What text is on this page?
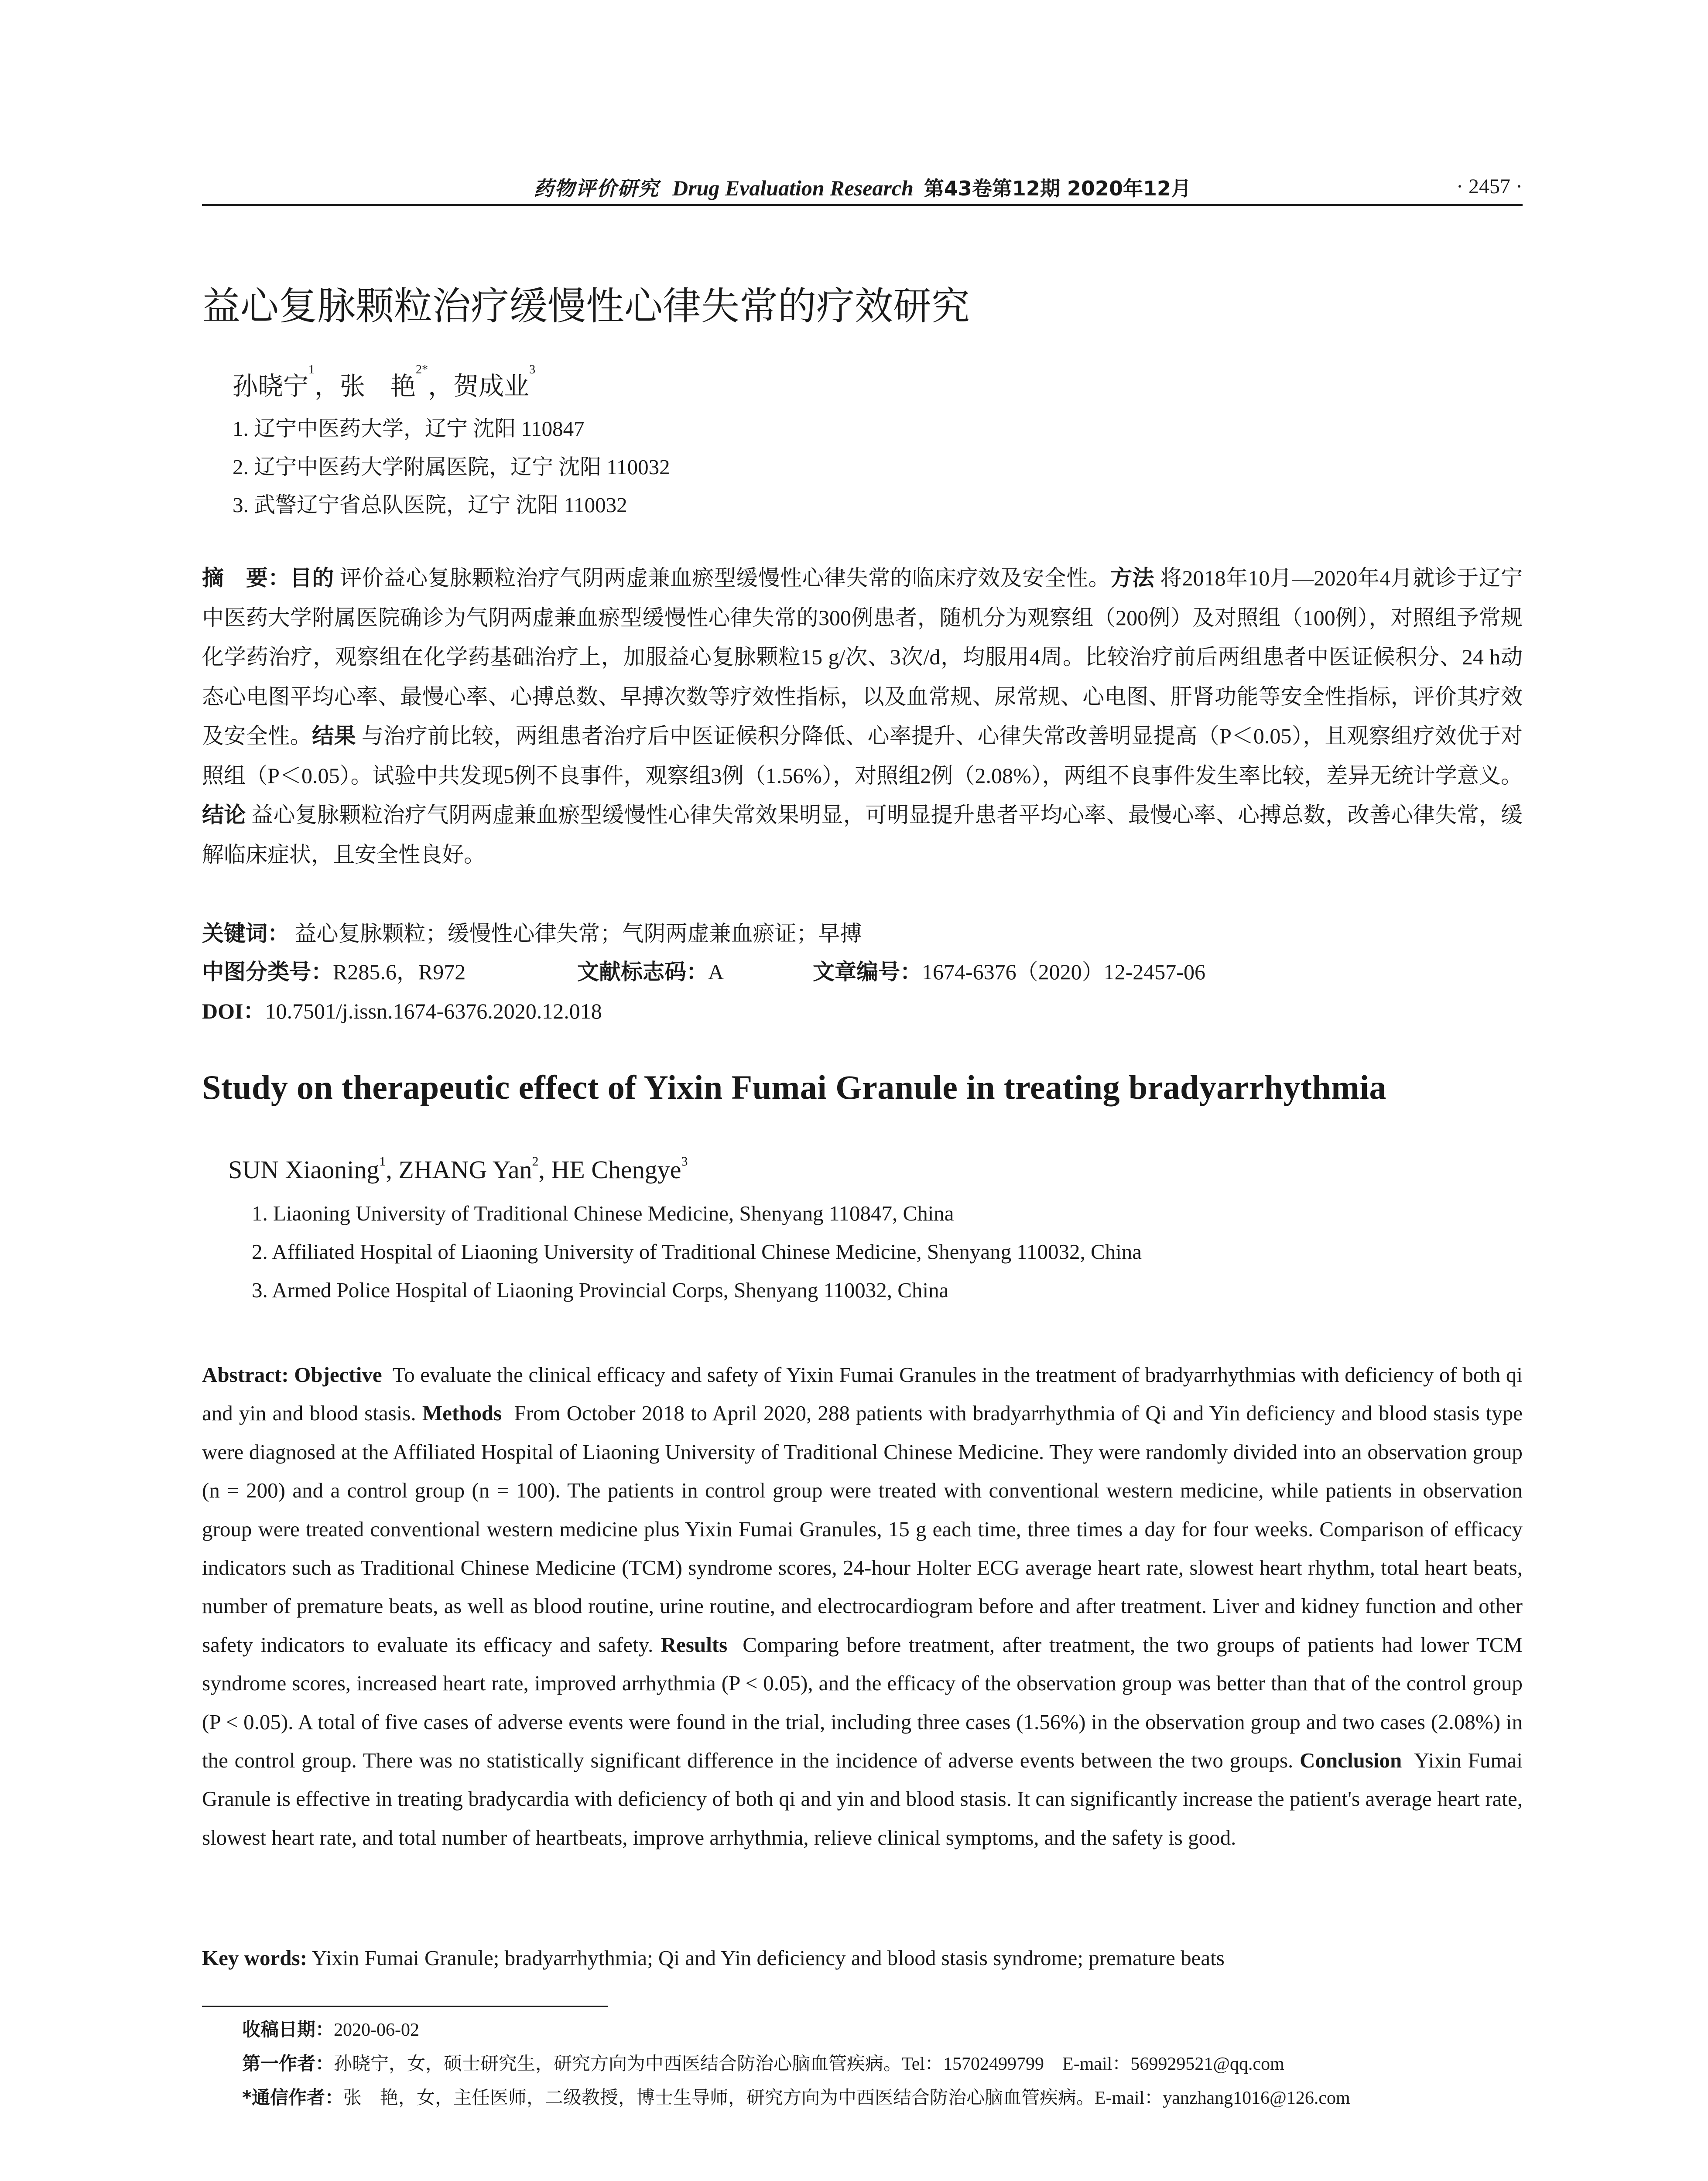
药物评价研究 Drug Evaluation Research 第43卷第12期 2020年12月	· 2457 ·
益心复脉颗粒治疗缓慢性心律失常的疗效研究
孙晓宁$^1$，张　艳$^{2*}$，贺成业$^3$
1. 辽宁中医药大学，辽宁 沈阳 110847
2. 辽宁中医药大学附属医院，辽宁 沈阳 110032
3. 武警辽宁省总队医院，辽宁 沈阳 110032
摘　要：目的 评价益心复脉颗粒治疗气阴两虚兼血瘀型缓慢性心律失常的临床疗效及安全性。方法 将2018年10月—2020年4月就诊于辽宁中医药大学附属医院确诊为气阴两虚兼血瘀型缓慢性心律失常的300例患者，随机分为观察组（200例）及对照组（100例），对照组予常规化学药治疗，观察组在化学药基础治疗上，加服益心复脉颗粒15 g/次、3次/d，均服用4周。比较治疗前后两组患者中医证候积分、24 h动态心电图平均心率、最慢心率、心搏总数、早搏次数等疗效性指标，以及血常规、尿常规、心电图、肝肾功能等安全性指标，评价其疗效及安全性。结果 与治疗前比较，两组患者治疗后中医证候积分降低、心率提升、心律失常改善明显提高（P＜0.05），且观察组疗效优于对照组（P＜0.05）。试验中共发现5例不良事件，观察组3例（1.56%），对照组2例（2.08%），两组不良事件发生率比较，差异无统计学意义。结论 益心复脉颗粒治疗气阴两虚兼血瘀型缓慢性心律失常效果明显，可明显提升患者平均心率、最慢心率、心搏总数，改善心律失常，缓解临床症状，且安全性良好。
关键词： 益心复脉颗粒；缓慢性心律失常；气阴两虚兼血瘀证；早搏
中图分类号：R285.6，R972	文献标志码：A	文章编号：1674-6376（2020）12-2457-06
DOI：10.7501/j.issn.1674-6376.2020.12.018
Study on therapeutic effect of Yixin Fumai Granule in treating bradyarrhythmia
SUN Xiaoning$^1$, ZHANG Yan$^2$, HE Chengye$^3$
1. Liaoning University of Traditional Chinese Medicine, Shenyang 110847, China
2. Affiliated Hospital of Liaoning University of Traditional Chinese Medicine, Shenyang 110032, China
3. Armed Police Hospital of Liaoning Provincial Corps, Shenyang 110032, China
Abstract: Objective To evaluate the clinical efficacy and safety of Yixin Fumai Granules in the treatment of bradyarrhythmias with deficiency of both qi and yin and blood stasis. Methods From October 2018 to April 2020, 288 patients with bradyarrhythmia of Qi and Yin deficiency and blood stasis type were diagnosed at the Affiliated Hospital of Liaoning University of Traditional Chinese Medicine. They were randomly divided into an observation group (n = 200) and a control group (n = 100). The patients in control group were treated with conventional western medicine, while patients in observation group were treated conventional western medicine plus Yixin Fumai Granules, 15 g each time, three times a day for four weeks. Comparison of efficacy indicators such as Traditional Chinese Medicine (TCM) syndrome scores, 24-hour Holter ECG average heart rate, slowest heart rhythm, total heart beats, number of premature beats, as well as blood routine, urine routine, and electrocardiogram before and after treatment. Liver and kidney function and other safety indicators to evaluate its efficacy and safety. Results Comparing before treatment, after treatment, the two groups of patients had lower TCM syndrome scores, increased heart rate, improved arrhythmia (P < 0.05), and the efficacy of the observation group was better than that of the control group (P < 0.05). A total of five cases of adverse events were found in the trial, including three cases (1.56%) in the observation group and two cases (2.08%) in the control group. There was no statistically significant difference in the incidence of adverse events between the two groups. Conclusion Yixin Fumai Granule is effective in treating bradycardia with deficiency of both qi and yin and blood stasis. It can significantly increase the patient's average heart rate, slowest heart rate, and total number of heartbeats, improve arrhythmia, relieve clinical symptoms, and the safety is good.
Key words: Yixin Fumai Granule; bradyarrhythmia; Qi and Yin deficiency and blood stasis syndrome; premature beats
收稿日期：2020-06-02
第一作者：孙晓宁，女，硕士研究生，研究方向为中西医结合防治心脑血管疾病。Tel：15702499799　E-mail：569929521@qq.com
*通信作者：张　艳，女，主任医师，二级教授，博士生导师，研究方向为中西医结合防治心脑血管疾病。E-mail：yanzhang1016@126.com
